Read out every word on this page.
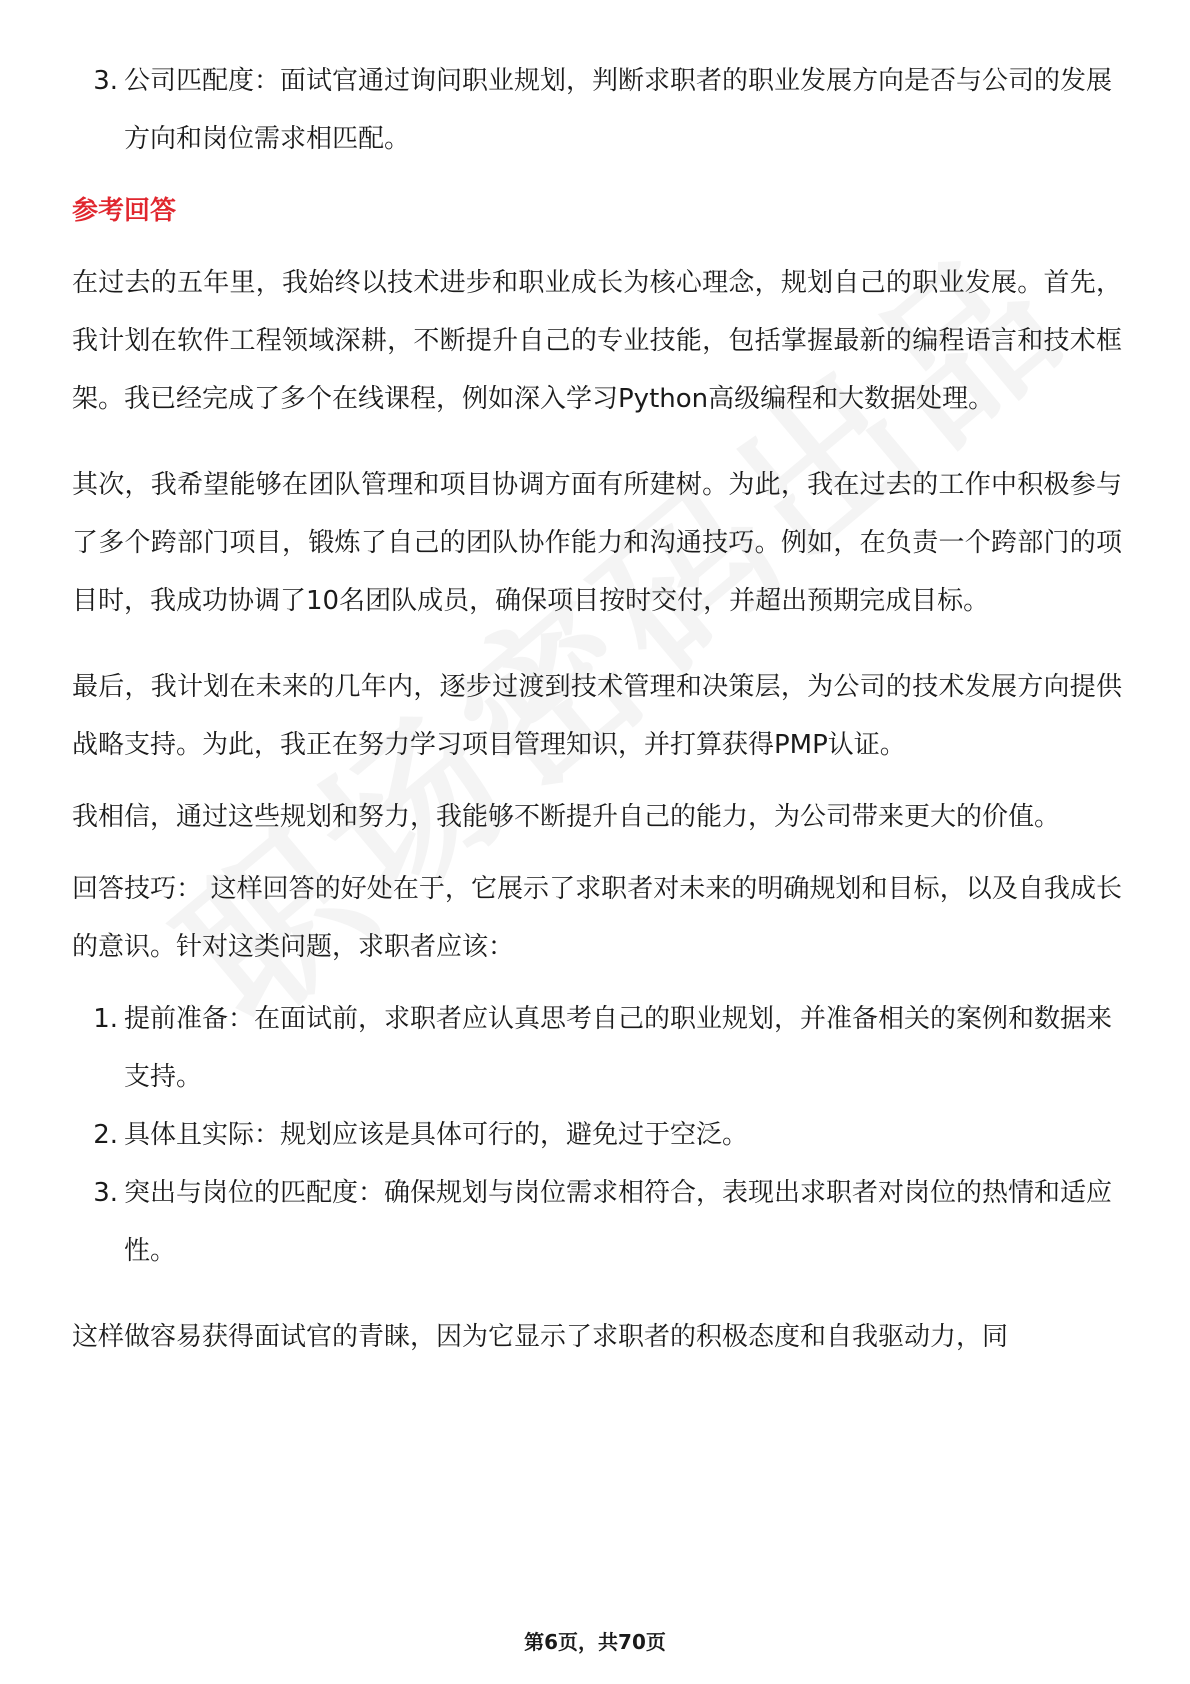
3. 公司匹配度：面试官通过询问职业规划，判断求职者的职业发展方向是否与公司的发展方向和岗位需求相匹配。
参考回答

在过去的五年里，我始终以技术进步和职业成长为核心理念，规划自己的职业发展。首先，我计划在软件工程领域深耕，不断提升自己的专业技能，包括掌握最新的编程语言和技术框架。我已经完成了多个在线课程，例如深入学习Python高级编程和大数据处理。

其次，我希望能够在团队管理和项目协调方面有所建树。为此，我在过去的工作中积极参与了多个跨部门项目，锻炼了自己的团队协作能力和沟通技巧。例如，在负责一个跨部门的项目时，我成功协调了10名团队成员，确保项目按时交付，并超出预期完成目标。

最后，我计划在未来的几年内，逐步过渡到技术管理和决策层，为公司的技术发展方向提供战略支持。为此，我正在努力学习项目管理知识，并打算获得PMP认证。

我相信，通过这些规划和努力，我能够不断提升自己的能力，为公司带来更大的价值。

回答技巧： 这样回答的好处在于，它展示了求职者对未来的明确规划和目标，以及自我成长的意识。针对这类问题，求职者应该：

1. 提前准备：在面试前，求职者应认真思考自己的职业规划，并准备相关的案例和数据来支持。
2. 具体且实际：规划应该是具体可行的，避免过于空泛。
3. 突出与岗位的匹配度：确保规划与岗位需求相符合，表现出求职者对岗位的热情和适应性。

这样做容易获得面试官的青睐，因为它显示了求职者的积极态度和自我驱动力，同

第6页，共70页
